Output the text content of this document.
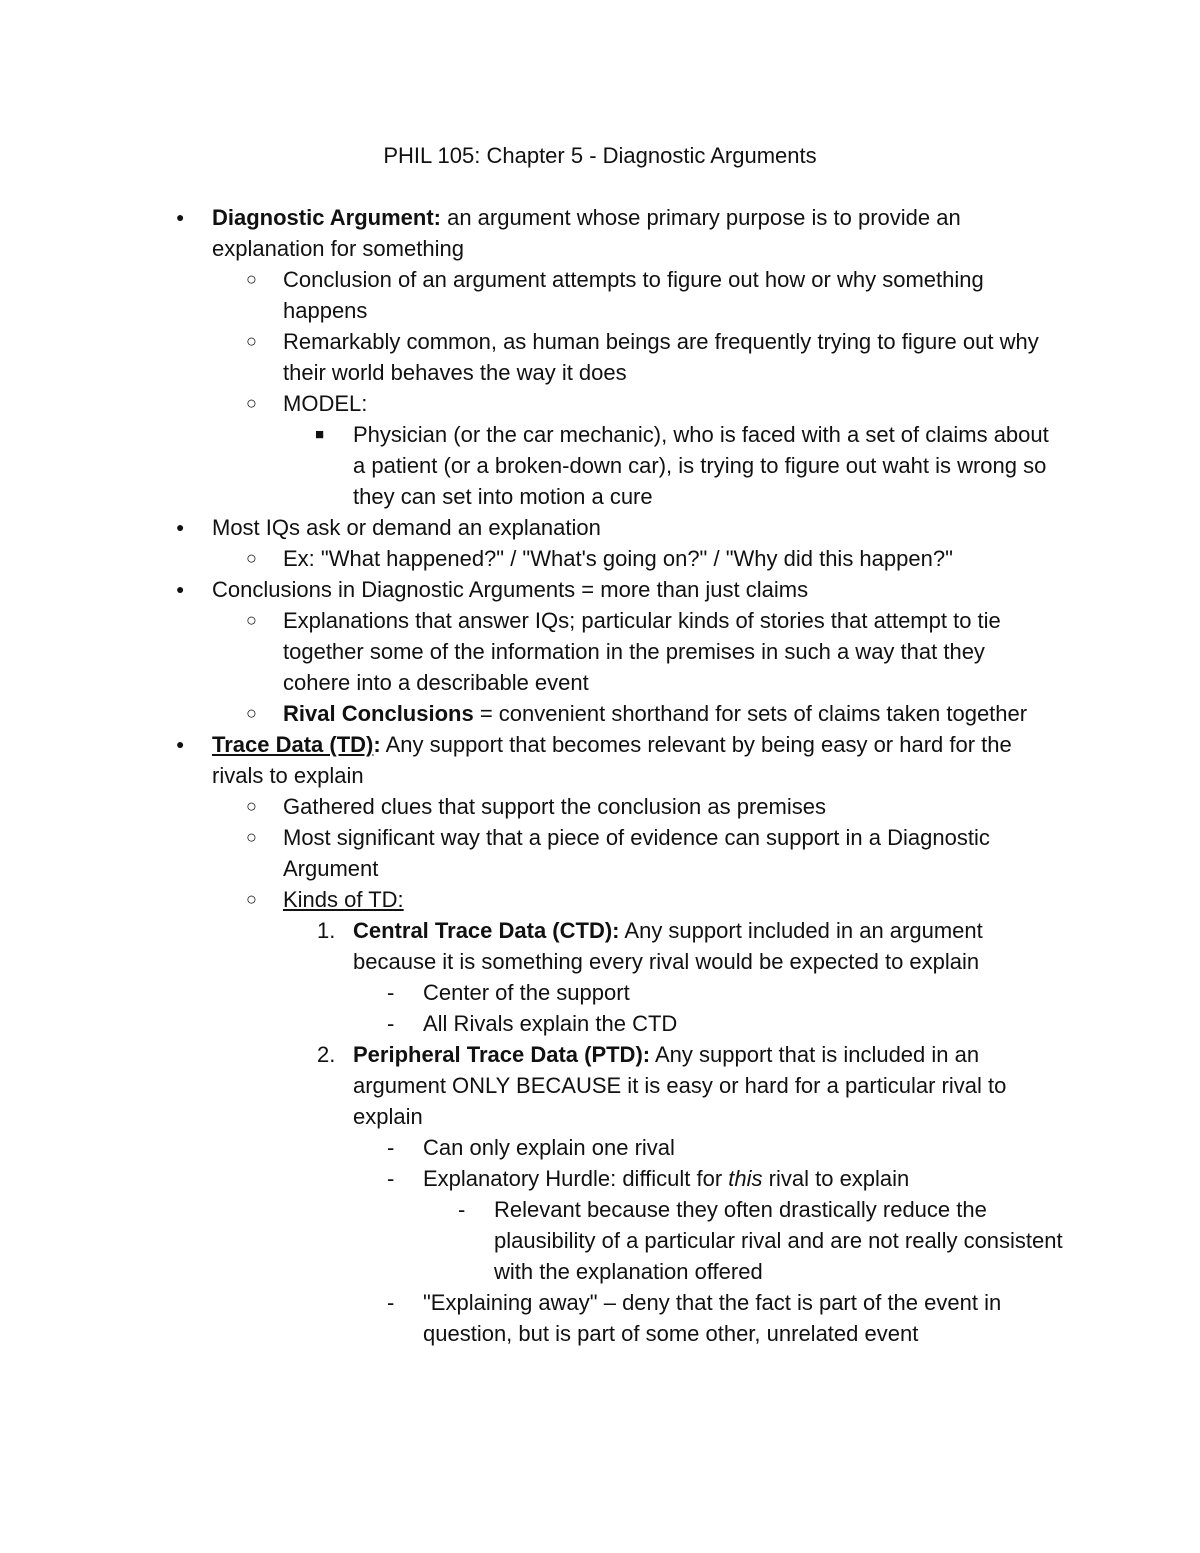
PHIL 105: Chapter 5 - Diagnostic Arguments
● Diagnostic Argument: an argument whose primary purpose is to provide an explanation for something
○ Conclusion of an argument attempts to figure out how or why something happens
○ Remarkably common, as human beings are frequently trying to figure out why their world behaves the way it does
○ MODEL:
■ Physician (or the car mechanic), who is faced with a set of claims about a patient (or a broken-down car), is trying to figure out waht is wrong so they can set into motion a cure
● Most IQs ask or demand an explanation
○ Ex: "What happened?" / "What's going on?" / "Why did this happen?"
● Conclusions in Diagnostic Arguments = more than just claims
○ Explanations that answer IQs; particular kinds of stories that attempt to tie together some of the information in the premises in such a way that they cohere into a describable event
○ Rival Conclusions = convenient shorthand for sets of claims taken together
● Trace Data (TD): Any support that becomes relevant by being easy or hard for the rivals to explain
○ Gathered clues that support the conclusion as premises
○ Most significant way that a piece of evidence can support in a Diagnostic Argument
○ Kinds of TD:
1. Central Trace Data (CTD): Any support included in an argument because it is something every rival would be expected to explain
- Center of the support
- All Rivals explain the CTD
2. Peripheral Trace Data (PTD): Any support that is included in an argument ONLY BECAUSE it is easy or hard for a particular rival to explain
- Can only explain one rival
- Explanatory Hurdle: difficult for this rival to explain
- Relevant because they often drastically reduce the plausibility of a particular rival and are not really consistent with the explanation offered
- "Explaining away" – deny that the fact is part of the event in question, but is part of some other, unrelated event
